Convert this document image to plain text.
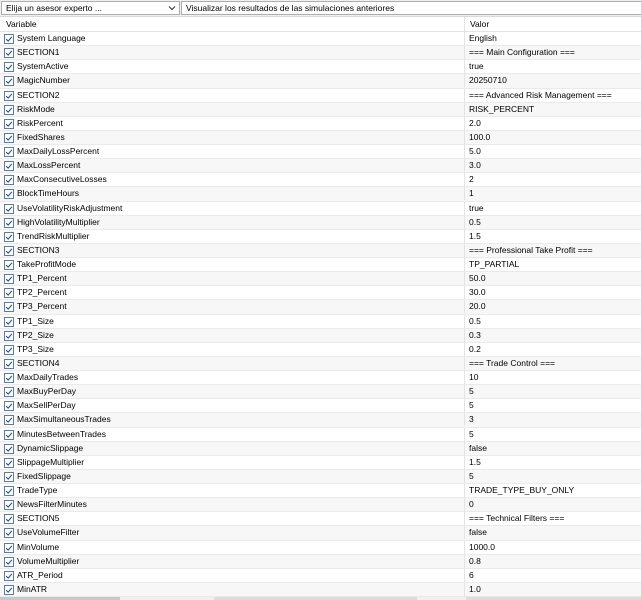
Elija un asesor experto ...	Visualizar los resultados de las simulaciones anteriores
Variable	Valor
System Language	English
SECTION1	=== Main Configuration ===
SystemActive	true
MagicNumber	20250710
SECTION2	=== Advanced Risk Management ===
RiskMode	RISK_PERCENT
RiskPercent	2.0
FixedShares	100.0
MaxDailyLossPercent	5.0
MaxLossPercent	3.0
MaxConsecutiveLosses	2
BlockTimeHours	1
UseVolatilityRiskAdjustment	true
HighVolatilityMultiplier	0.5
TrendRiskMultiplier	1.5
SECTION3	=== Professional Take Profit ===
TakeProfitMode	TP_PARTIAL
TP1_Percent	50.0
TP2_Percent	30.0
TP3_Percent	20.0
TP1_Size	0.5
TP2_Size	0.3
TP3_Size	0.2
SECTION4	=== Trade Control ===
MaxDailyTrades	10
MaxBuyPerDay	5
MaxSellPerDay	5
MaxSimultaneousTrades	3
MinutesBetweenTrades	5
DynamicSlippage	false
SlippageMultiplier	1.5
FixedSlippage	5
TradeType	TRADE_TYPE_BUY_ONLY
NewsFilterMinutes	0
SECTION5	=== Technical Filters ===
UseVolumeFilter	false
MinVolume	1000.0
VolumeMultiplier	0.8
ATR_Period	6
MinATR	1.0
